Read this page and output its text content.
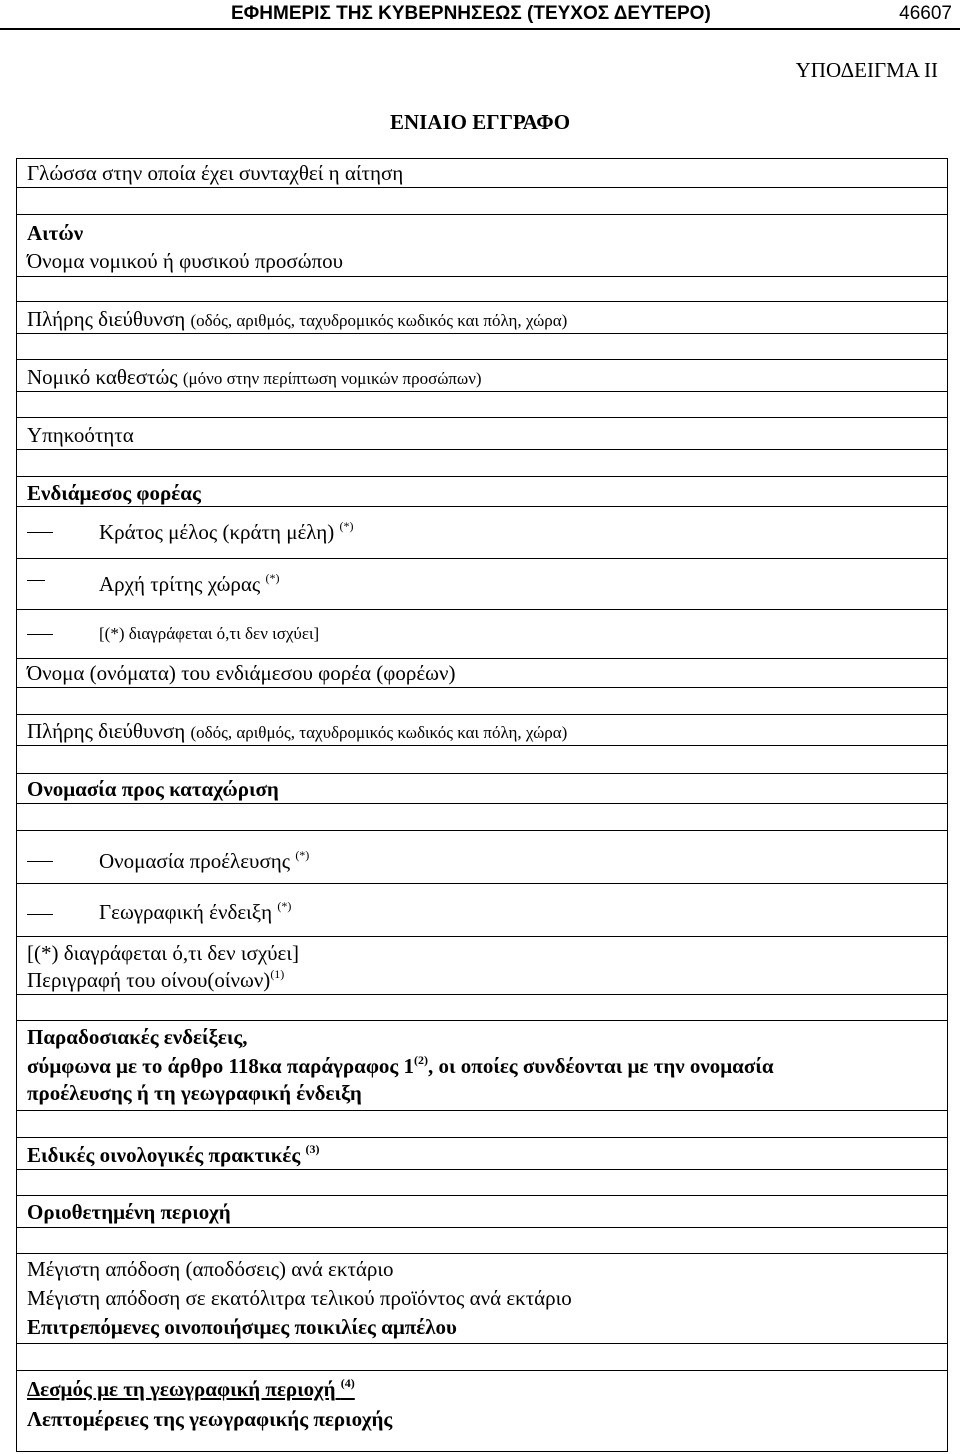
ΕΦΗΜΕΡΙΣ ΤΗΣ ΚΥΒΕΡΝΗΣΕΩΣ (ΤΕΥΧΟΣ ΔΕΥΤΕΡΟ)	46607
ΥΠΟΔΕΙΓΜΑ ΙΙ
ΕΝΙΑΙΟ ΕΓΓΡΑΦΟ
Γλώσσα στην οποία έχει συνταχθεί η αίτηση
Αιτών
Όνομα νομικού ή φυσικού προσώπου
Πλήρης διεύθυνση (οδός, αριθμός, ταχυδρομικός κωδικός και πόλη, χώρα)
Νομικό καθεστώς (μόνο στην περίπτωση νομικών προσώπων)
Υπηκοότητα
Ενδιάμεσος φορέας
Κράτος μέλος (κράτη μέλη) (*)
Αρχή τρίτης χώρας (*)
[(*) διαγράφεται ό,τι δεν ισχύει]
Όνομα (ονόματα) του ενδιάμεσου φορέα (φορέων)
Πλήρης διεύθυνση (οδός, αριθμός, ταχυδρομικός κωδικός και πόλη, χώρα)
Ονομασία προς καταχώριση
Ονομασία προέλευσης (*)
Γεωγραφική ένδειξη (*)
[(*) διαγράφεται ό,τι δεν ισχύει]
Περιγραφή του $oί\nu o\upsilon(oί\nu\omega\nu)^{(1)}$
Παραδοσιακές ενδείξεις,
σύμφωνα με το άρθρο 118κα παράγραφος 1$^{(2)}$, οι οποίες συνδέονται με την ονομασία
προέλευσης ή τη γεωγραφική ένδειξη
Ειδικές οινολογικές πρακτικές $^{(3)}$
Οριοθετημένη περιοχή
Μέγιστη απόδοση (αποδόσεις) ανά εκτάριο
Μέγιστη απόδοση σε εκατόλιτρα τελικού προϊόντος ανά εκτάριο
Επιτρεπόμενες οινοποιήσιμες ποικιλίες αμπέλου
Δεσμός με τη γεωγραφική περιοχή $^{(4)}$
Λεπτομέρειες της γεωγραφικής περιοχής
